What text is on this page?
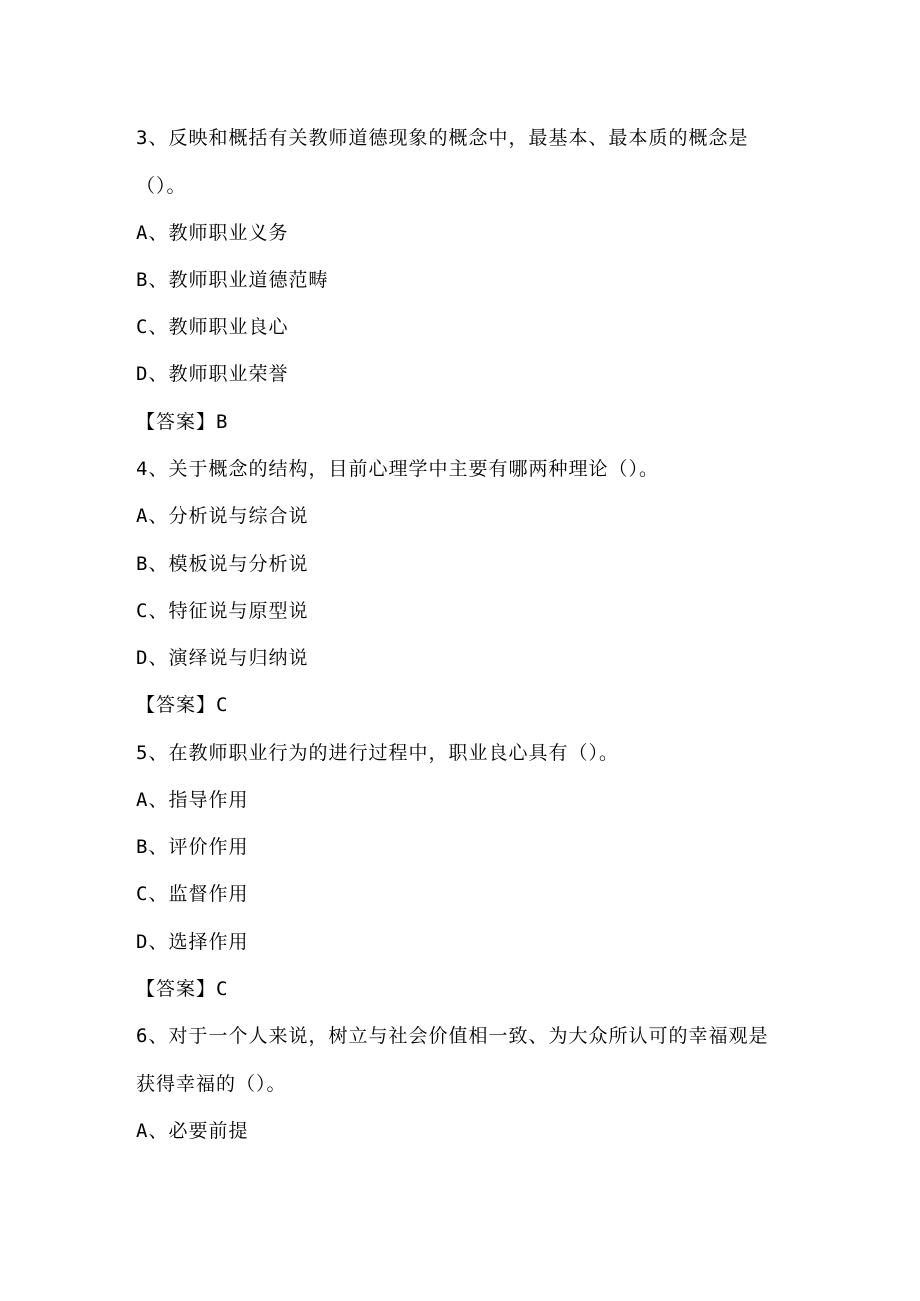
3、反映和概括有关教师道德现象的概念中，最基本、最本质的概念是
（）。
A、教师职业义务
B、教师职业道德范畴
C、教师职业良心
D、教师职业荣誉
【答案】B
4、关于概念的结构，目前心理学中主要有哪两种理论（）。
A、分析说与综合说
B、模板说与分析说
C、特征说与原型说
D、演绎说与归纳说
【答案】C
5、在教师职业行为的进行过程中，职业良心具有（）。
A、指导作用
B、评价作用
C、监督作用
D、选择作用
【答案】C
6、对于一个人来说，树立与社会价值相一致、为大众所认可的幸福观是
获得幸福的（）。
A、必要前提
